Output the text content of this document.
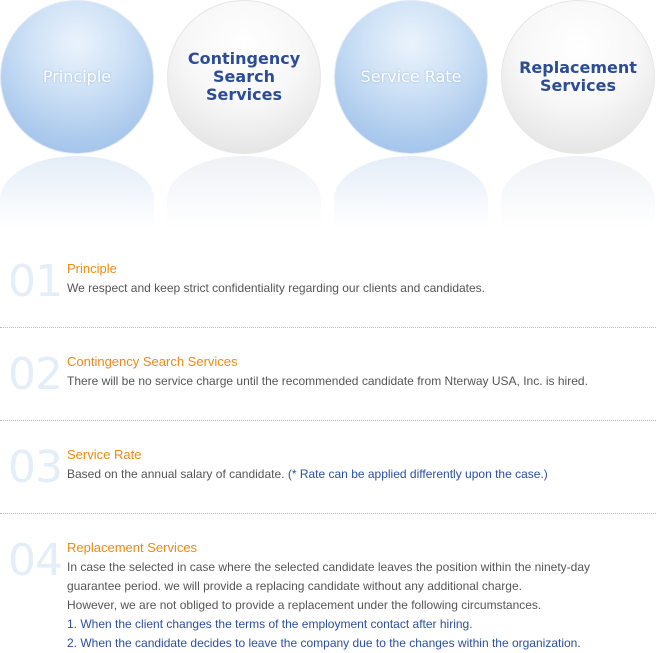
Principle
Contingency
Search
Services
Service Rate	Replacement
Services
01 Principle
We respect and keep strict confidentiality regarding our clients and candidates.
02 Contingency Search Services
There will be no service charge until the recommended candidate from Nterway USA, Inc. is hired.
03 Service Rate
Based on the annual salary of candidate. (* Rate can be applied differently upon the case.)
04 Replacement Services
In case the selected in case where the selected candidate leaves the position within the ninety-day
guarantee period. we will provide a replacing candidate without any additional charge.
However, we are not obliged to provide a replacement under the following circumstances.
1. When the client changes the terms of the employment contact after hiring.
2. When the candidate decides to leave the company due to the changes within the organization.
